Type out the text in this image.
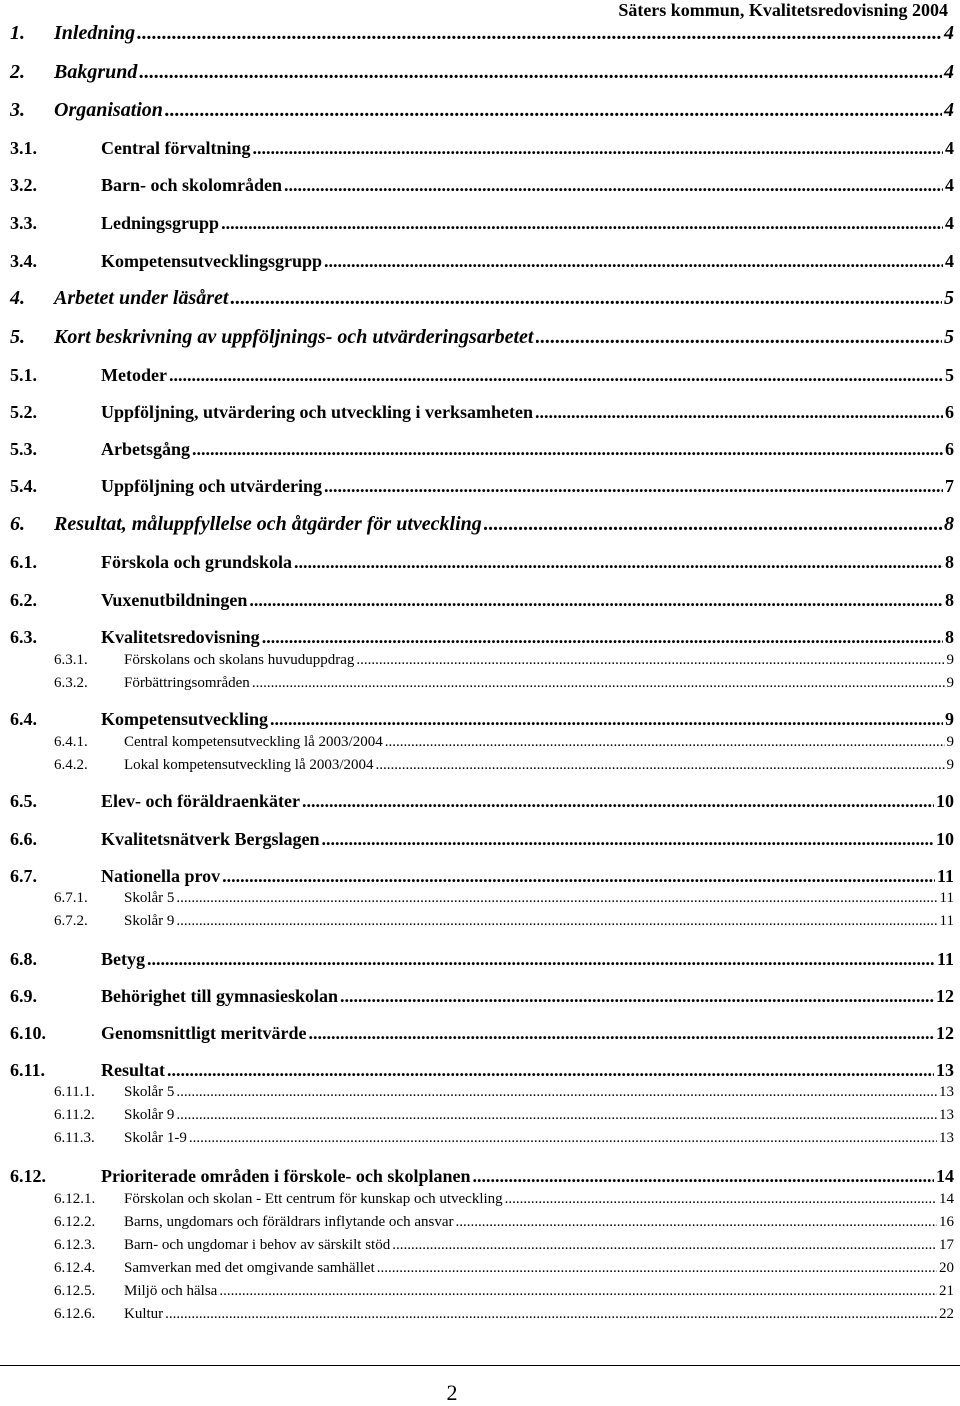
Säters kommun, Kvalitetsredovisning 2004
1.	Inledning .....	4
2.	Bakgrund .....	4
3.	Organisation .....	4
3.1.	Central förvaltning .....	4
3.2.	Barn- och skolområden .....	4
3.3.	Ledningsgrupp .....	4
3.4.	Kompetensutvecklingsgrupp .....	4
4.	Arbetet under läsåret .....	5
5.	Kort beskrivning av uppföljnings- och utvärderingsarbetet .....	5
5.1.	Metoder .....	5
5.2.	Uppföljning, utvärdering och utveckling i verksamheten .....	6
5.3.	Arbetsgång .....	6
5.4.	Uppföljning och utvärdering .....	7
6.	Resultat, måluppfyllelse och åtgärder för utveckling .....	8
6.1.	Förskola och grundskola .....	8
6.2.	Vuxenutbildningen .....	8
6.3.	Kvalitetsredovisning .....	8
6.3.1.	Förskolans och skolans huvuduppdrag .....	9
6.3.2.	Förbättringsområden .....	9
6.4.	Kompetensutveckling .....	9
6.4.1.	Central kompetensutveckling lå 2003/2004 .....	9
6.4.2.	Lokal kompetensutveckling lå 2003/2004 .....	9
6.5.	Elev- och föräldraenkäter .....	10
6.6.	Kvalitetsnätverk Bergslagen .....	10
6.7.	Nationella prov .....	11
6.7.1.	Skolår 5 .....	11
6.7.2.	Skolår 9 .....	11
6.8.	Betyg .....	11
6.9.	Behörighet till gymnasieskolan .....	12
6.10.	Genomsnittligt meritvärde .....	12
6.11.	Resultat .....	13
6.11.1.	Skolår 5 .....	13
6.11.2.	Skolår 9 .....	13
6.11.3.	Skolår 1-9 .....	13
6.12.	Prioriterade områden i förskole- och skolplanen .....	14
6.12.1.	Förskolan och skolan - Ett centrum för kunskap och utveckling .....	14
6.12.2.	Barns, ungdomars och föräldrars inflytande och ansvar .....	16
6.12.3.	Barn- och ungdomar i behov av särskilt stöd .....	17
6.12.4.	Samverkan med det omgivande samhället .....	20
6.12.5.	Miljö och hälsa .....	21
6.12.6.	Kultur .....	22
2
